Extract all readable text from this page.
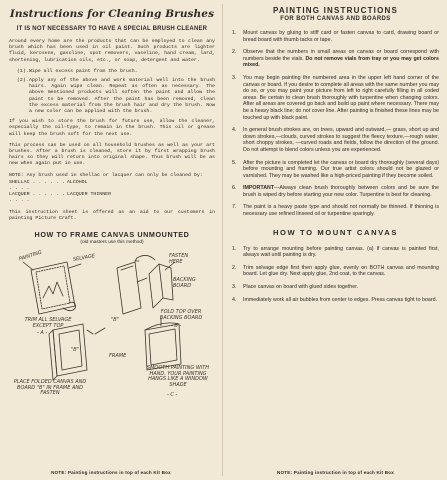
Instructions for Cleaning Brushes
IT IS NOT NECESSARY TO HAVE A SPECIAL BRUSH CLEANER
Around every home are the products that can be employed to clean any brush which has been used in oil paint. Such products are lighter fluid, kerosene, gasoline, spot removers, vaseline, hand cream, lard, shortening, lubrication oils, etc., or soap, detergent and water.
(1). Wipe all excess paint from the brush.
(2). Apply any of the above and work material well into the brush hairs. Again wipe clean. Repeat as often as necessary. The above mentioned products will soften the paint and allow the paint to be removed. After the paint has been removed, clean the excess material from the brush hair and dry the brush. Now a new color can be applied with the brush.
If you wish to store the brush for future use, allow the cleaner, especially the oil-type, to remain in the brush. This oil or grease will keep the brush soft for the next use.
This process can be used on all household brushes as well as your art brushes. After a brush is cleaned, store it by first wrapping brush hairs so they will return into original shape. Thus brush will be as new when again put in use.
NOTE: Any brush used in shellac or lacquer can only be cleaned by:
SHELLAC . . . . . . . . . .
ALCOHOL
LACQUER . . . . . . . . . .
LACQUER THINNER
This instruction sheet is offered as an aid to our customers in painting Picture Craft.
HOW TO FRAME CANVAS UNMOUNTED
(old masters use this method)
PAINTING	SELVAGE	FASTEN HERE
BACKING BOARD
"B"
TRIM ALL SELVAGE EXCEPT TOP
- A -
FOLD TOP OVER BACKING BOARD
- B -
"B"
FRAME
SMOOTH PAINTING WITH HAND. YOUR PAINTING HANGS LIKE A WINDOW SHADE
- C -
PLACE FOLDED CANVAS AND BOARD "B" IN FRAME AND FASTEN
NOTE: Painting instructions in top of each Kit Box
PAINTING INSTRUCTIONS
FOR BOTH CANVAS AND BOARDS
1.	Mount canvas by gluing to stiff card or fasten canvas to card, drawing board or bread board with thumb tacks or tape.
2.	Observe that the numbers in small areas on canvas or board correspond with numbers beside the vials. Do not remove vials from tray or you may get colors mixed.
3.	You may begin painting the numbered area in the upper left hand corner of the canvas or board. If you desire to complete all areas with the same number you may do so, or you may paint your picture from left to right carefully filling in all coded areas. Be certain to clean brush thoroughly with turpentine when changing colors. After all areas are covered go back and build up paint where necessary. There may be a heavy black line; do not cover line. After painting is finished these lines may be touched up with black paint.
4.	In general brush strokes are, on trees, upward and outward,— grass, short up and down strokes,—clouds, curved strokes to suggest the fleecy texture,—rough water, short choppy strokes, —curved roads and fields, follow the direction of the ground. Do not attempt to blend colors unless you are experienced.
5.	After the picture is completed let the canvas or board dry thoroughly (several days) before mounting and framing. Our true artist colors should not be glazed or varnished. They may be washed like a high-priced painting if they become soiled.
6.	IMPORTANT—Always clean brush thoroughly between colors and be sure the brush is wiped dry before starting your new color. Turpentine is best for cleaning.
7.	The paint is a heavy paste type and should not normally be thinned. If thinning is necessary use refined linseed oil or turpentine sparingly.
HOW TO MOUNT CANVAS
1.	Try to arrange mounting before painting canvas. (a) If canvas is painted first, always wait until painting is dry.
2.	Trim selvage edge first then apply glue, evenly on BOTH canvas and mounting board. Let glue dry. Next apply glue, 2nd coat, to the canvas.
3.	Place canvas on board with glued sides together.
4.	Immediately work all air bubbles from center to edges. Press canvas tight to board.
NOTE: Painting instruction in top of each Kit Box
